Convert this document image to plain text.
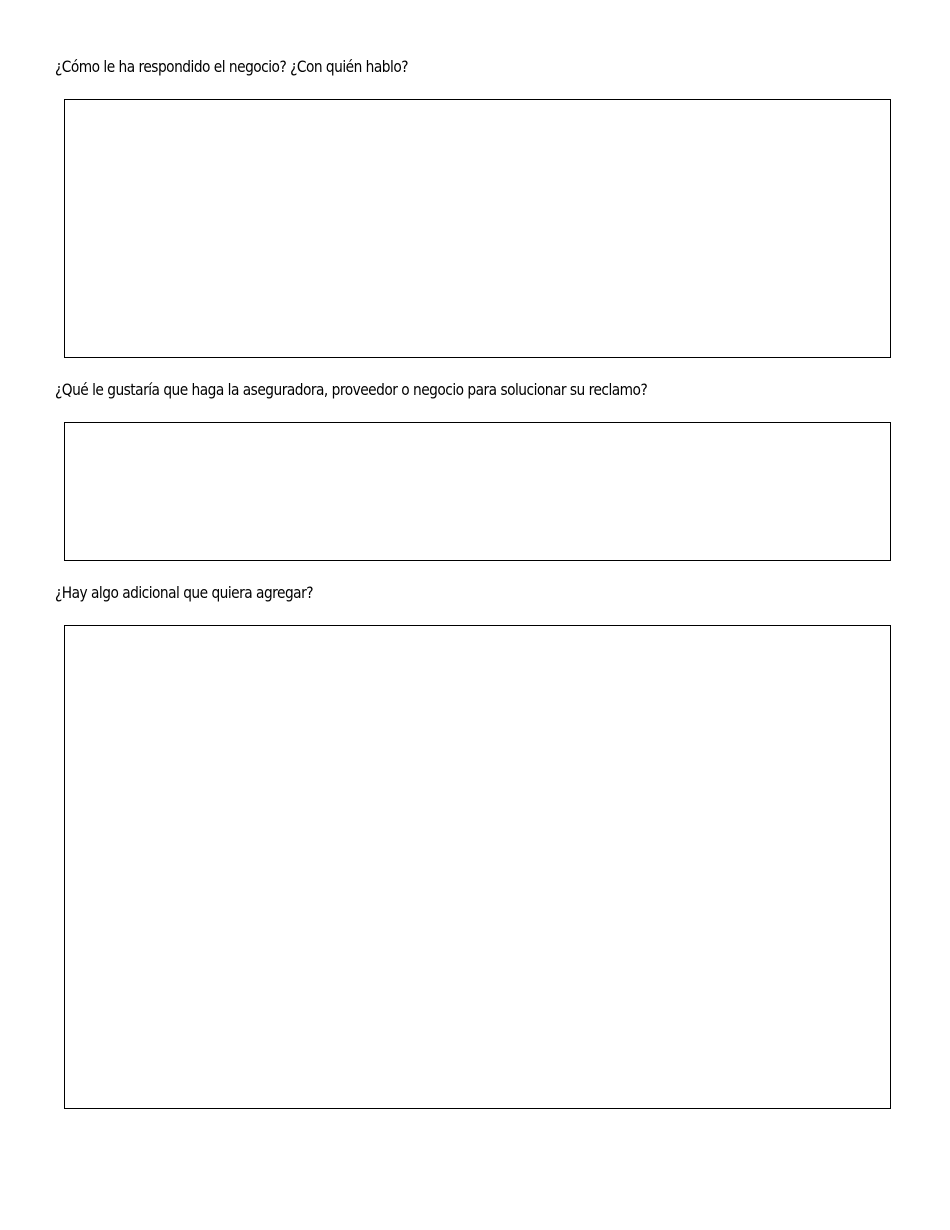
¿Cómo le ha respondido el negocio? ¿Con quién hablo?
¿Qué le gustaría que haga la aseguradora, proveedor o negocio para solucionar su reclamo?
¿Hay algo adicional que quiera agregar?
